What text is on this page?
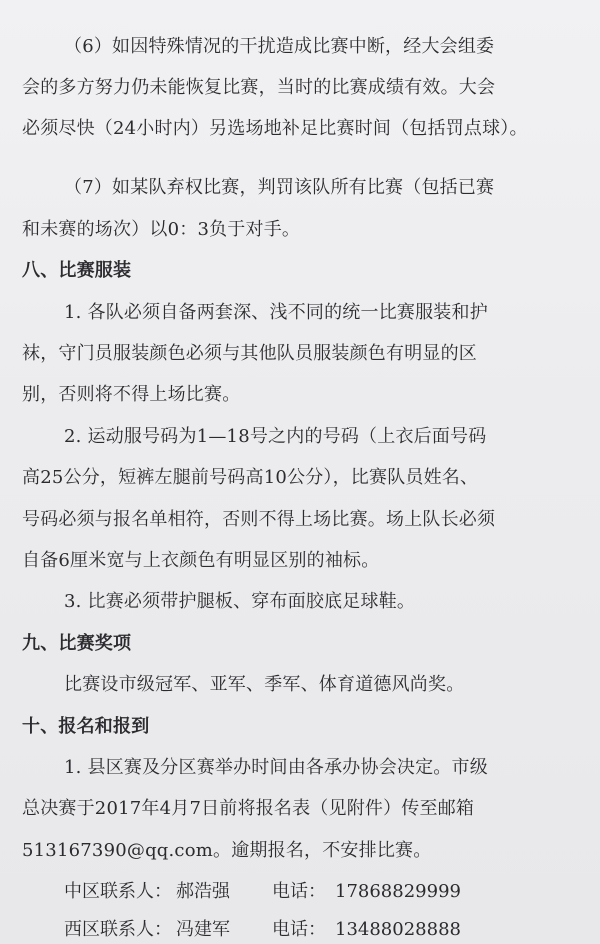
（6）如因特殊情况的干扰造成比赛中断，经大会组委
会的多方努力仍未能恢复比赛，当时的比赛成绩有效。大会
必须尽快（24小时内）另选场地补足比赛时间（包括罚点球）。
（7）如某队弃权比赛，判罚该队所有比赛（包括已赛
和未赛的场次）以0：3负于对手。
八、比赛服装
1. 各队必须自备两套深、浅不同的统一比赛服装和护
袜，守门员服装颜色必须与其他队员服装颜色有明显的区
别，否则将不得上场比赛。
2. 运动服号码为1—18号之内的号码（上衣后面号码
高25公分，短裤左腿前号码高10公分），比赛队员姓名、
号码必须与报名单相符，否则不得上场比赛。场上队长必须
自备6厘米宽与上衣颜色有明显区别的袖标。
3. 比赛必须带护腿板、穿布面胶底足球鞋。
九、比赛奖项
比赛设市级冠军、亚军、季军、体育道德风尚奖。
十、报名和报到
1. 县区赛及分区赛举办时间由各承办协会决定。市级
总决赛于2017年4月7日前将报名表（见附件）传至邮箱
513167390@qq.com。逾期报名，不安排比赛。
中区联系人： 郝浩强 电话： 17868829999
西区联系人： 冯建军 电话： 13488028888
